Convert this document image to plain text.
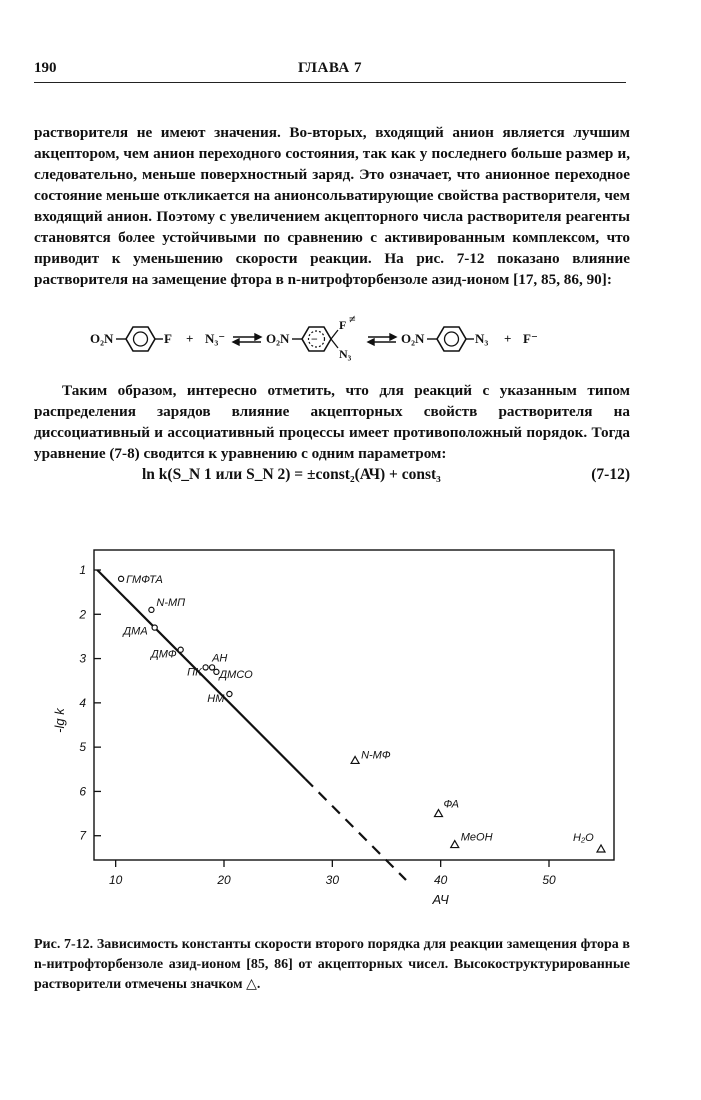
190	ГЛАВА 7

растворителя не имеют значения. Во-вторых, входящий анион является лучшим акцептором, чем анион переходного состояния, так как у последнего больше размер и, следовательно, меньше поверхностный заряд. Это означает, что анионное переходное состояние меньше откликается на анионсольватирующие свойства растворителя, чем входящий анион. Поэтому с увеличением акцепторного числа растворителя реагенты становятся более устойчивыми по сравнению с активированным комплексом, что приводит к уменьшению скорости реакции. На рис. 7-12 показано влияние растворителя на замещение фтора в n-нитрофторбензоле азид-ионом [17, 85, 86, 90]:

O₂N	F + N₃⁻	O₂N −
F ≠
N₃
O₂N	N₃ + F⁻

Таким образом, интересно отметить, что для реакций с указанным типом распределения зарядов влияние акцепторных свойств растворителя на диссоциативный и ассоциативный процессы имеет противоположный порядок. Тогда уравнение (7-8) сводится к уравнению с одним параметром:

ln k(S_N 1 или S_N 2) = ±const₂(АЧ) + const₃	(7-12)
10	20	30	40	50
1
2
3
4
5
6
7
АЧ
-lg k
ГМФТА
N-МП
ДМА
ДМФ
ПК
АН
ДМСО
НМ
N-МФ
ФА
MeOH	H₂O

Рис. 7-12. Зависимость константы скорости второго порядка для реакции замещения фтора в n-нитрофторбензоле азид-ионом [85, 86] от акцепторных чисел. Высокоструктурированные растворители отмечены значком △.
